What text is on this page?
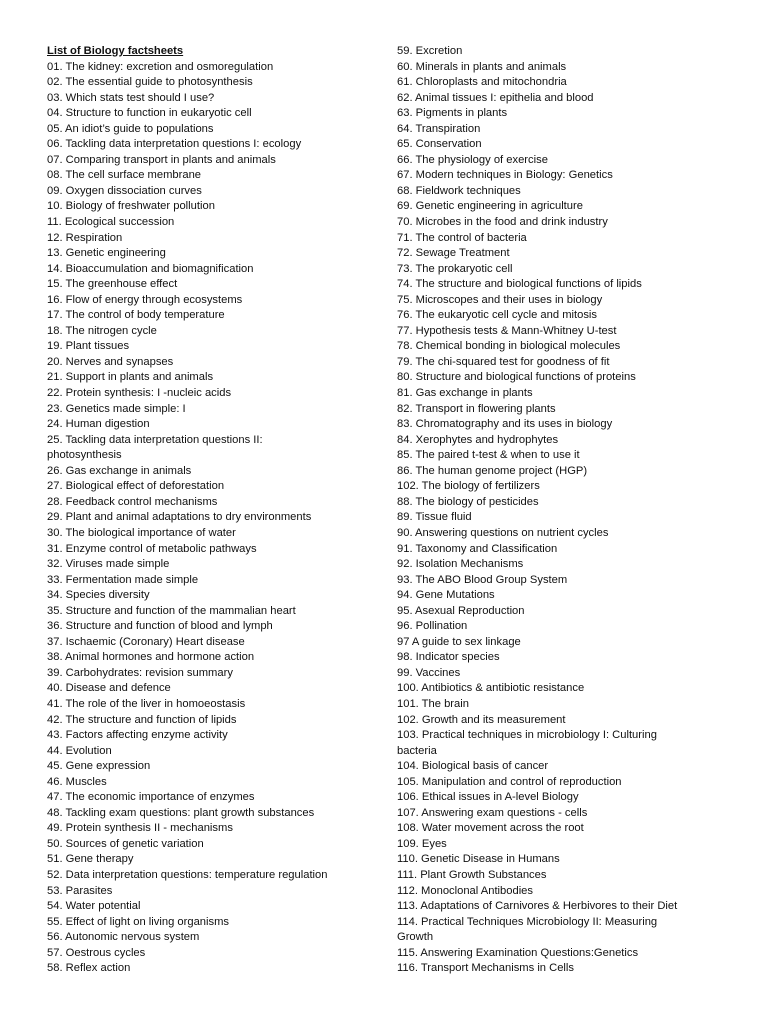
List of Biology factsheets
01. The kidney: excretion and osmoregulation
02. The essential guide to photosynthesis
03. Which stats test should I use?
04. Structure to function in eukaryotic cell
05. An idiot’s guide to populations
06. Tackling data interpretation questions I: ecology
07. Comparing transport in plants and animals
08. The cell surface membrane
09. Oxygen dissociation curves
10. Biology of freshwater pollution
11. Ecological succession
12. Respiration
13. Genetic engineering
14. Bioaccumulation and biomagnification
15. The greenhouse effect
16. Flow of energy through ecosystems
17. The control of body temperature
18. The nitrogen cycle
19. Plant tissues
20. Nerves and synapses
21. Support in plants and animals
22. Protein synthesis: I -nucleic acids
23. Genetics made simple: I
24. Human digestion
25. Tackling data interpretation questions II:
photosynthesis
26. Gas exchange in animals
27. Biological effect of deforestation
28. Feedback control mechanisms
29. Plant and animal adaptations to dry environments
30. The biological importance of water
31. Enzyme control of metabolic pathways
32. Viruses made simple
33. Fermentation made simple
34. Species diversity
35. Structure and function of the mammalian heart
36. Structure and function of blood and lymph
37. Ischaemic (Coronary) Heart disease
38. Animal hormones and hormone action
39. Carbohydrates: revision summary
40. Disease and defence
41. The role of the liver in homoeostasis
42. The structure and function of lipids
43. Factors affecting enzyme activity
44. Evolution
45. Gene expression
46. Muscles
47. The economic importance of enzymes
48. Tackling exam questions: plant growth substances
49. Protein synthesis II - mechanisms
50. Sources of genetic variation
51. Gene therapy
52. Data interpretation questions: temperature regulation
53. Parasites
54. Water potential
55. Effect of light on living organisms
56. Autonomic nervous system
57. Oestrous cycles
58. Reflex action
59. Excretion
60. Minerals in plants and animals
61. Chloroplasts and mitochondria
62. Animal tissues I: epithelia and blood
63. Pigments in plants
64. Transpiration
65. Conservation
66. The physiology of exercise
67. Modern techniques in Biology: Genetics
68. Fieldwork techniques
69. Genetic engineering in agriculture
70. Microbes in the food and drink industry
71. The control of bacteria
72. Sewage Treatment
73. The prokaryotic cell
74. The structure and biological functions of lipids
75. Microscopes and their uses in biology
76. The eukaryotic cell cycle and mitosis
77. Hypothesis tests & Mann-Whitney U-test
78. Chemical bonding in biological molecules
79. The chi-squared test for goodness of fit
80. Structure and biological functions of proteins
81. Gas exchange in plants
82. Transport in flowering plants
83. Chromatography and its uses in biology
84. Xerophytes and hydrophytes
85. The paired t-test & when to use it
86. The human genome project (HGP)
102. The biology of fertilizers
88. The biology of pesticides
89. Tissue fluid
90. Answering questions on nutrient cycles
91. Taxonomy and Classification
92. Isolation Mechanisms
93. The ABO Blood Group System
94. Gene Mutations
95. Asexual Reproduction
96. Pollination
97 A guide to sex linkage
98. Indicator species
99. Vaccines
100. Antibiotics & antibiotic resistance
101. The brain
102. Growth and its measurement
103. Practical techniques in microbiology I: Culturing
bacteria
104. Biological basis of cancer
105. Manipulation and control of reproduction
106. Ethical issues in A-level Biology
107. Answering exam questions - cells
108. Water movement across the root
109. Eyes
110. Genetic Disease in Humans
111. Plant Growth Substances
112. Monoclonal Antibodies
113. Adaptations of Carnivores & Herbivores to their Diet
114. Practical Techniques Microbiology II: Measuring
Growth
115. Answering Examination Questions:Genetics
116. Transport Mechanisms in Cells
